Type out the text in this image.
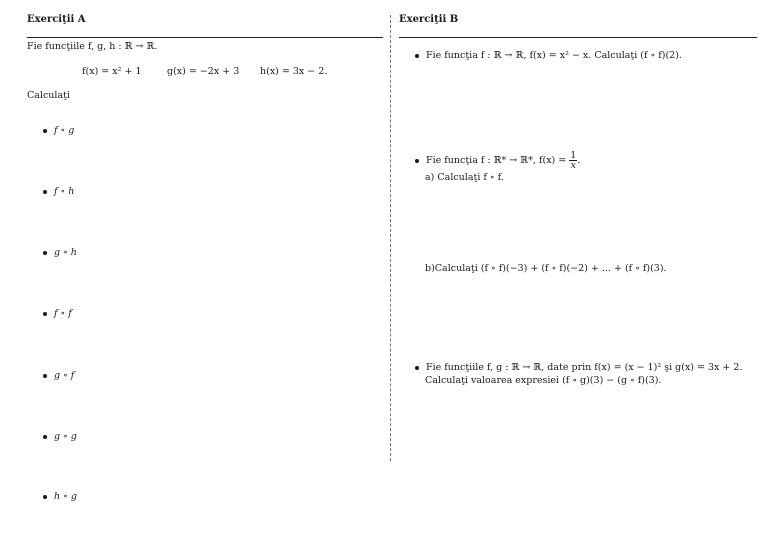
Exerciţii A
Fie funcţiile f, g, h : ℝ → ℝ.
f(x) = x² + 1	g(x) = −2x + 3 h(x) = 3x − 2.
Calculaţi
f ∘ g
f ∘ h
g ∘ h
f ∘ f
g ∘ f
g ∘ g
h ∘ g
Exerciţii B
Fie funcţia f : ℝ → ℝ, f(x) = x² − x. Calculaţi (f ∘ f)(2).
Fie funcţia f : ℝ* → ℝ*, $f(x) = \frac{1}{x}$ .
a) Calculaţi f ∘ f.
b)Calculaţi (f ∘ f)(−3) + (f ∘ f)(−2) + ... + (f ∘ f)(3).
Fie funcţiile f, g : ℝ → ℝ, date prin f(x) = (x − 1)² şi g(x) = 3x + 2.
Calculaţi valoarea expresiei (f ∘ g)(3) − (g ∘ f)(3).
